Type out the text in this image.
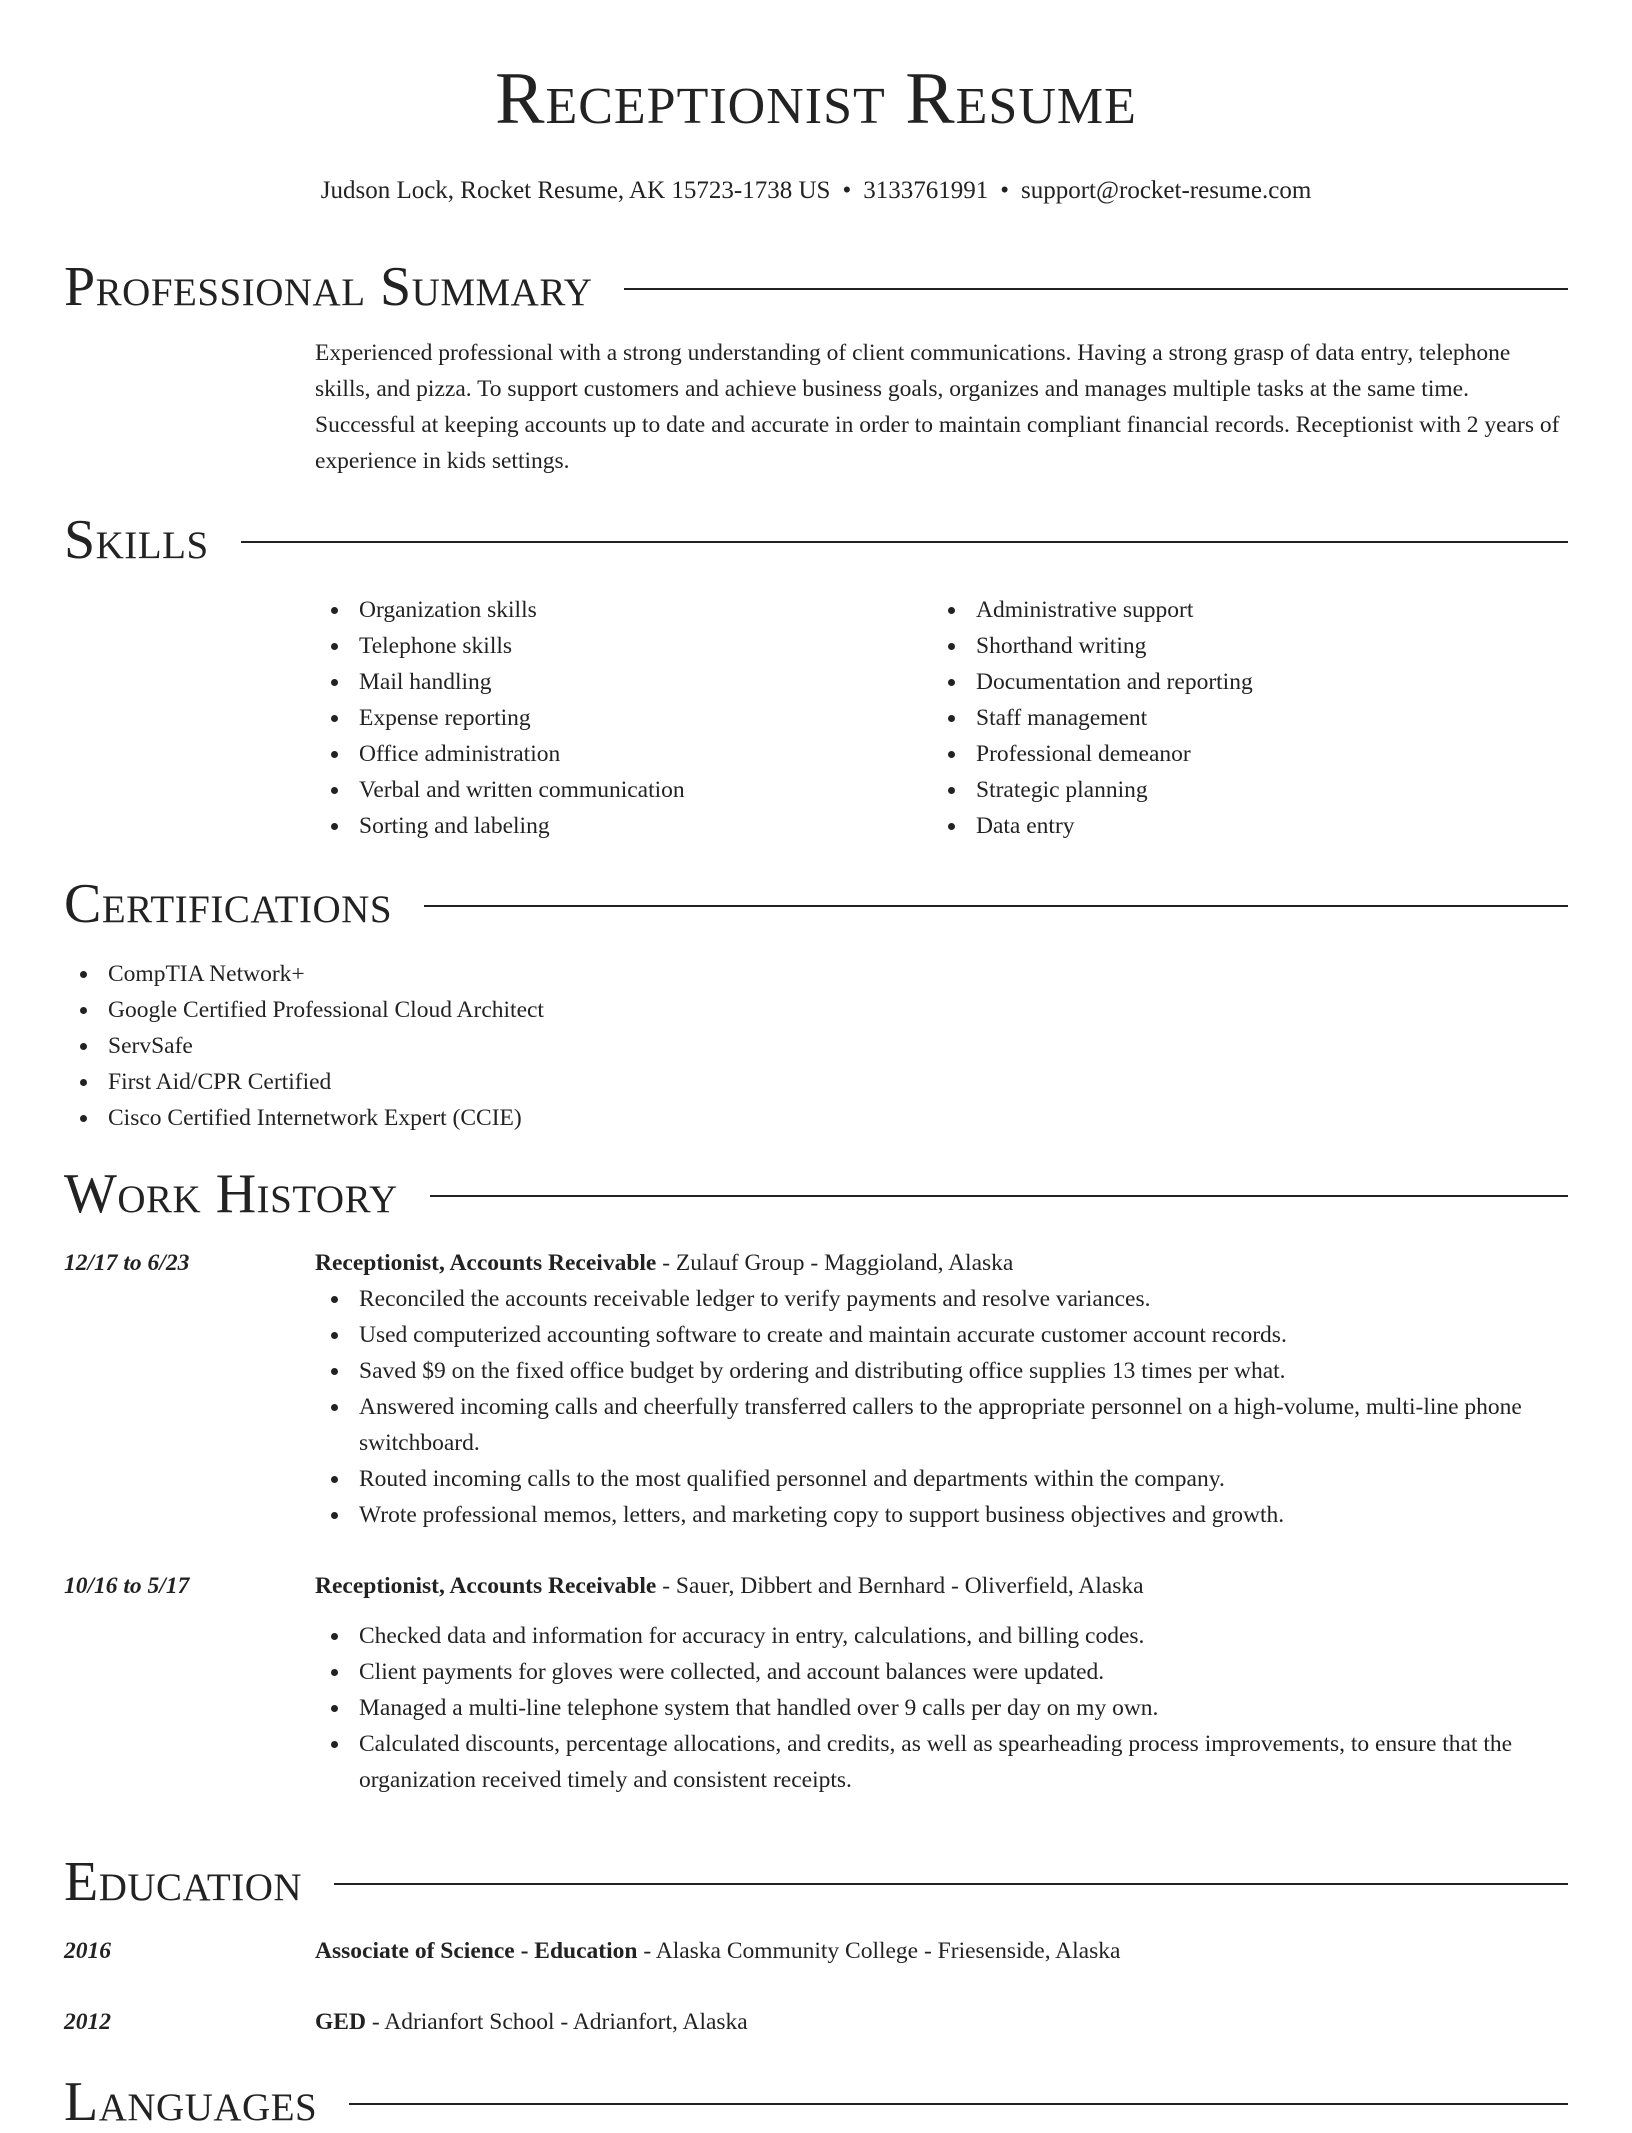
Receptionist Resume
Judson Lock, Rocket Resume, AK 15723-1738 US • 3133761991 • support@rocket-resume.com
Professional Summary
Experienced professional with a strong understanding of client communications. Having a strong grasp of data entry, telephone skills, and pizza. To support customers and achieve business goals, organizes and manages multiple tasks at the same time. Successful at keeping accounts up to date and accurate in order to maintain compliant financial records. Receptionist with 2 years of experience in kids settings.
Skills
Organization skills
Telephone skills
Mail handling
Expense reporting
Office administration
Verbal and written communication
Sorting and labeling
Administrative support
Shorthand writing
Documentation and reporting
Staff management
Professional demeanor
Strategic planning
Data entry
Certifications
CompTIA Network+
Google Certified Professional Cloud Architect
ServSafe
First Aid/CPR Certified
Cisco Certified Internetwork Expert (CCIE)
Work History
12/17 to 6/23	Receptionist, Accounts Receivable - Zulauf Group - Maggioland, Alaska
Reconciled the accounts receivable ledger to verify payments and resolve variances.
Used computerized accounting software to create and maintain accurate customer account records.
Saved $9 on the fixed office budget by ordering and distributing office supplies 13 times per what.
Answered incoming calls and cheerfully transferred callers to the appropriate personnel on a high-volume, multi-line phone switchboard.
Routed incoming calls to the most qualified personnel and departments within the company.
Wrote professional memos, letters, and marketing copy to support business objectives and growth.
10/16 to 5/17	Receptionist, Accounts Receivable - Sauer, Dibbert and Bernhard - Oliverfield, Alaska
Checked data and information for accuracy in entry, calculations, and billing codes.
Client payments for gloves were collected, and account balances were updated.
Managed a multi-line telephone system that handled over 9 calls per day on my own.
Calculated discounts, percentage allocations, and credits, as well as spearheading process improvements, to ensure that the organization received timely and consistent receipts.
Education
2016	Associate of Science - Education - Alaska Community College - Friesenside, Alaska
2012	GED - Adrianfort School - Adrianfort, Alaska
Languages
